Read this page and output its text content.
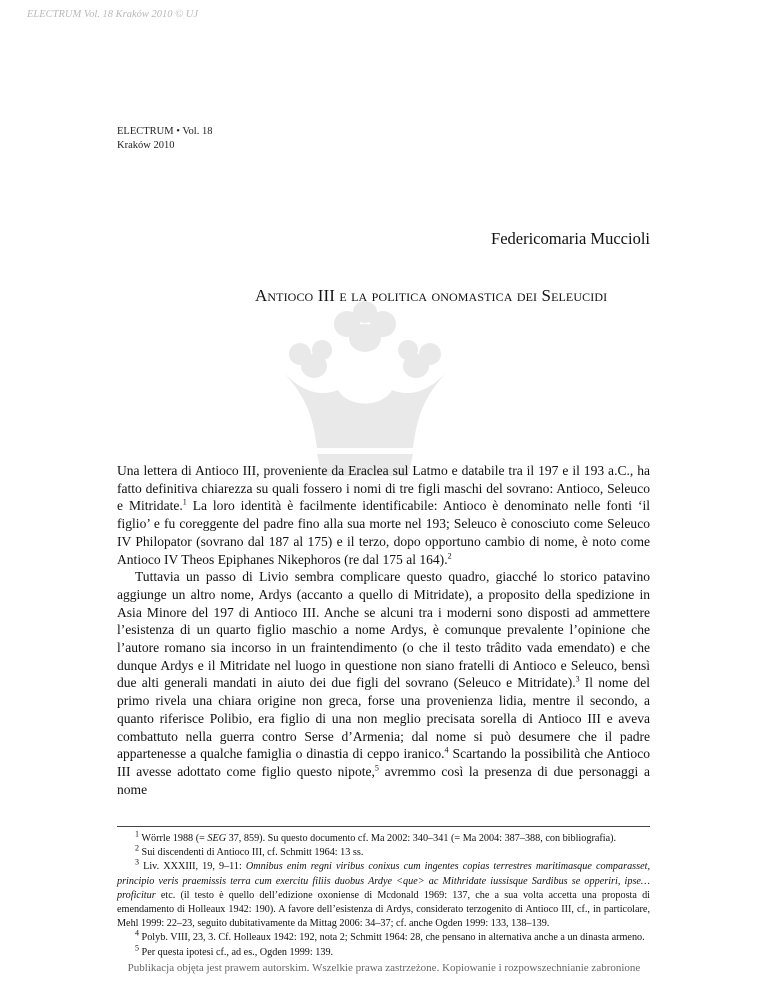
ELECTRUM Vol. 18 Kraków 2010 © UJ
ELECTRUM • Vol. 18
Kraków 2010
Federicomaria Muccioli
Antioco III e la politica onomastica dei Seleucidi

Una lettera di Antioco III, proveniente da Eraclea sul Latmo e databile tra il 197 e il 193 a.C., ha fatto definitiva chiarezza su quali fossero i nomi di tre figli maschi del sovrano: Antioco, Seleuco e Mitridate.$^1$ La loro identità è facilmente identificabile: Antioco è denominato nelle fonti ‘il figlio’ e fu coreggente del padre fino alla sua morte nel 193; Seleuco è conosciuto come Seleuco IV Philopator (sovrano dal 187 al 175) e il terzo, dopo opportuno cambio di nome, è noto come Antioco IV Theos Epiphanes Nikephoros (re dal 175 al 164).$^2$

Tuttavia un passo di Livio sembra complicare questo quadro, giacché lo storico patavino aggiunge un altro nome, Ardys (accanto a quello di Mitridate), a proposito della spedizione in Asia Minore del 197 di Antioco III. Anche se alcuni tra i moderni sono disposti ad ammettere l’esistenza di un quarto figlio maschio a nome Ardys, è comunque prevalente l’opinione che l’autore romano sia incorso in un fraintendimento (o che il testo trâdito vada emendato) e che dunque Ardys e il Mitridate nel luogo in questione non siano fratelli di Antioco e Seleuco, bensì due alti generali mandati in aiuto dei due figli del sovrano (Seleuco e Mitridate).$^3$ Il nome del primo rivela una chiara origine non greca, forse una provenienza lidia, mentre il secondo, a quanto riferisce Polibio, era figlio di una non meglio precisata sorella di Antioco III e aveva combattuto nella guerra contro Serse d’Armenia; dal nome si può desumere che il padre appartenesse a qualche famiglia o dinastia di ceppo iranico.$^4$ Scartando la possibilità che Antioco III avesse adottato come figlio questo nipote,$^5$ avremmo così la presenza di due personaggi a nome

$^1$ Wörrle 1988 (= SEG 37, 859). Su questo documento cf. Ma 2002: 340–341 (= Ma 2004: 387–388, con bibliografia).

$^2$ Sui discendenti di Antioco III, cf. Schmitt 1964: 13 ss.

$^3$ Liv. XXXIII, 19, 9–11: Omnibus enim regni viribus conixus cum ingentes copias terrestres maritimasque comparasset, principio veris praemissis terra cum exercitu filiis duobus Ardye <que> ac Mithridate iussisque Sardibus se opperiri, ipse… proficitur etc. (il testo è quello dell’edizione oxoniense di Mcdonald 1969: 137, che a sua volta accetta una proposta di emendamento di Holleaux 1942: 190). A favore dell’esistenza di Ardys, considerato terzogenito di Antioco III, cf., in particolare, Mehl 1999: 22–23, seguito dubitativamente da Mittag 2006: 34–37; cf. anche Ogden 1999: 133, 138–139.

$^4$ Polyb. VIII, 23, 3. Cf. Holleaux 1942: 192, nota 2; Schmitt 1964: 28, che pensano in alternativa anche a un dinasta armeno.

$^5$ Per questa ipotesi cf., ad es., Ogden 1999: 139.

Publikacja objęta jest prawem autorskim. Wszelkie prawa zastrzeżone. Kopiowanie i rozpowszechnianie zabronione
